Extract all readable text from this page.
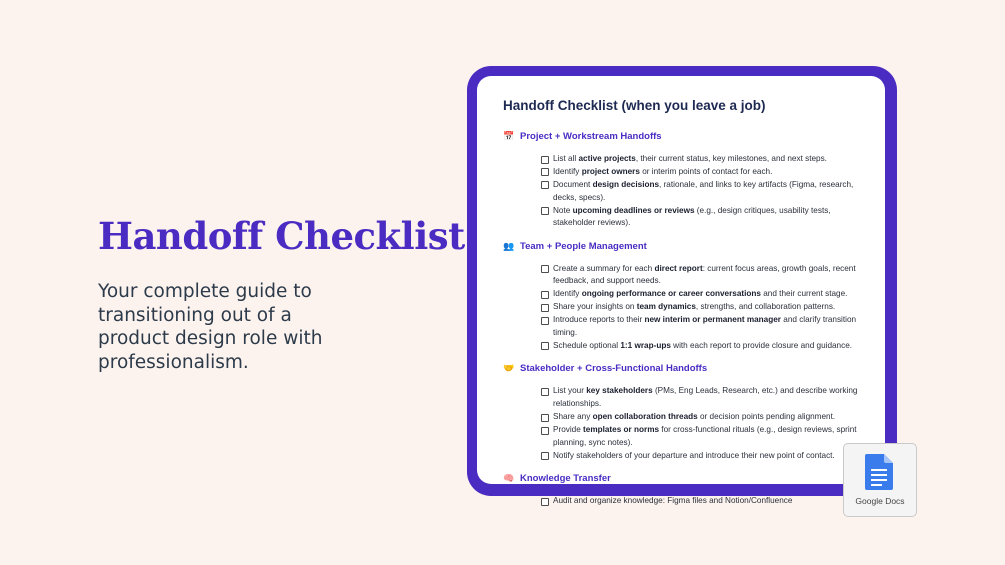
Handoff Checklist

Your complete guide to transitioning out of a product design role with professionalism.

Handoff Checklist (when you leave a job)
📅 Project + Workstream Handoffs
List all active projects, their current status, key milestones, and next steps.
Identify project owners or interim points of contact for each.
Document design decisions, rationale, and links to key artifacts (Figma, research, decks, specs).
Note upcoming deadlines or reviews (e.g., design critiques, usability tests, stakeholder reviews).
👥 Team + People Management
Create a summary for each direct report: current focus areas, growth goals, recent feedback, and support needs.
Identify ongoing performance or career conversations and their current stage.
Share your insights on team dynamics, strengths, and collaboration patterns.
Introduce reports to their new interim or permanent manager and clarify transition timing.
Schedule optional 1:1 wrap-ups with each report to provide closure and guidance.
🤝 Stakeholder + Cross-Functional Handoffs
List your key stakeholders (PMs, Eng Leads, Research, etc.) and describe working relationships.
Share any open collaboration threads or decision points pending alignment.
Provide templates or norms for cross-functional rituals (e.g., design reviews, sprint planning, sync notes).
Notify stakeholders of your departure and introduce their new point of contact.
🧠 Knowledge Transfer
Audit and organize knowledge: Figma files and Notion/Confluence	Google Docs
